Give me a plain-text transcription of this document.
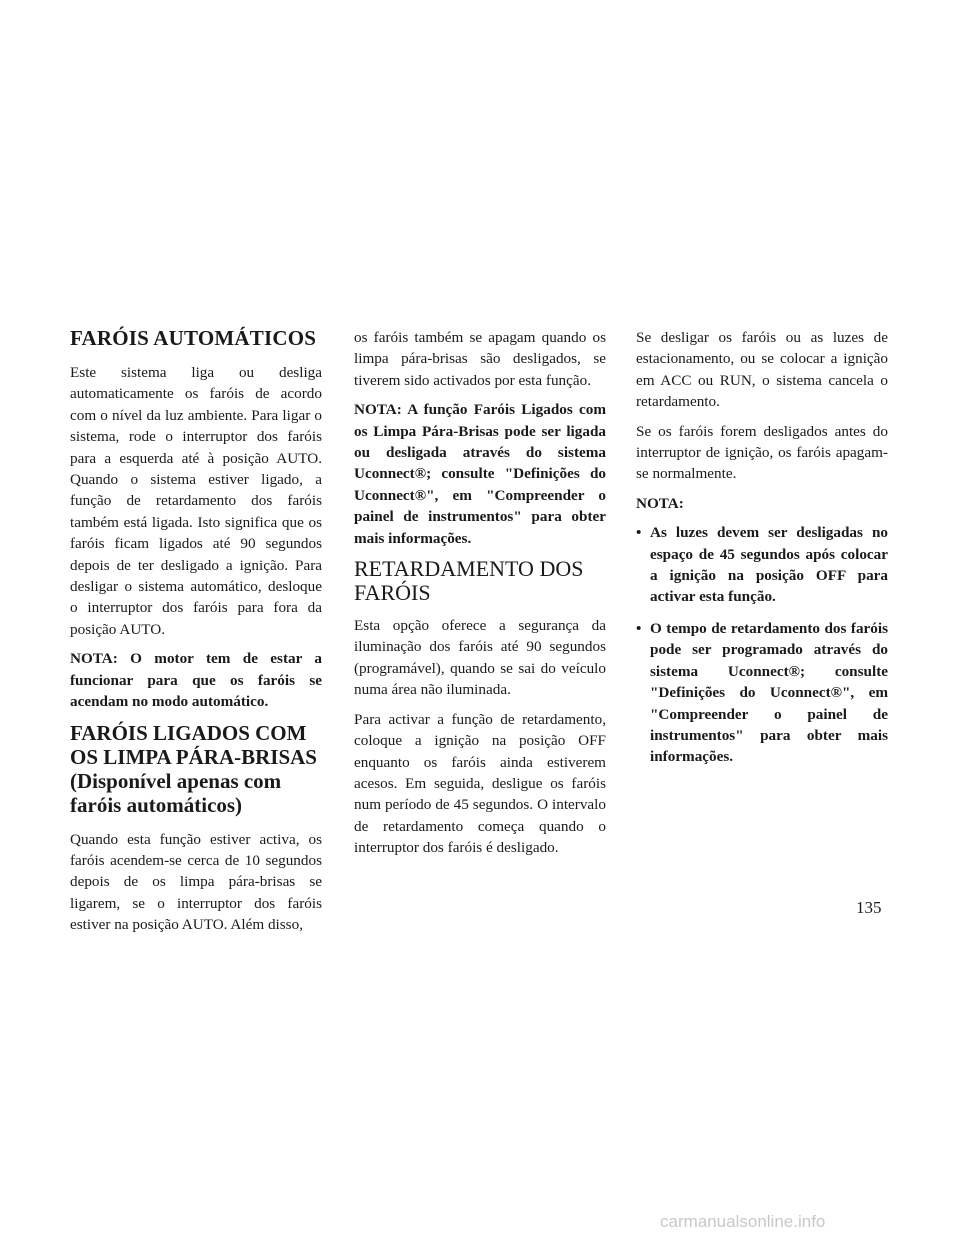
FARÓIS AUTOMÁTICOS

Este sistema liga ou desliga automaticamente os faróis de acordo com o nível da luz ambiente. Para ligar o sistema, rode o interruptor dos faróis para a esquerda até à posição AUTO. Quando o sistema estiver ligado, a função de retardamento dos faróis também está ligada. Isto significa que os faróis ficam ligados até 90 segundos depois de ter desligado a ignição. Para desligar o sistema automático, desloque o interruptor dos faróis para fora da posição AUTO.

NOTA: O motor tem de estar a funcionar para que os faróis se acendam no modo automático.

FARÓIS LIGADOS COM OS LIMPA PÁRA-BRISAS
(Disponível apenas com faróis automáticos)

Quando esta função estiver activa, os faróis acendem-se cerca de 10 segundos depois de os limpa pára-brisas se ligarem, se o interruptor dos faróis estiver na posição AUTO. Além disso,

os faróis também se apagam quando os limpa pára-brisas são desligados, se tiverem sido activados por esta função.

NOTA: A função Faróis Ligados com os Limpa Pára-Brisas pode ser ligada ou desligada através do sistema Uconnect®; consulte "Definições do Uconnect®", em "Compreender o painel de instrumentos" para obter mais informações.

RETARDAMENTO DOS FARÓIS

Esta opção oferece a segurança da iluminação dos faróis até 90 segundos (programável), quando se sai do veículo numa área não iluminada.

Para activar a função de retardamento, coloque a ignição na posição OFF enquanto os faróis ainda estiverem acesos. Em seguida, desligue os faróis num período de 45 segundos. O intervalo de retardamento começa quando o interruptor dos faróis é desligado.

Se desligar os faróis ou as luzes de estacionamento, ou se colocar a ignição em ACC ou RUN, o sistema cancela o retardamento.

Se os faróis forem desligados antes do interruptor de ignição, os faróis apagam-se normalmente.

NOTA:

• As luzes devem ser desligadas no espaço de 45 segundos após colocar a ignição na posição OFF para activar esta função.
• O tempo de retardamento dos faróis pode ser programado através do sistema Uconnect®; consulte "Definições do Uconnect®", em "Compreender o painel de instrumentos" para obter mais informações.
135
carmanualsonline.info
